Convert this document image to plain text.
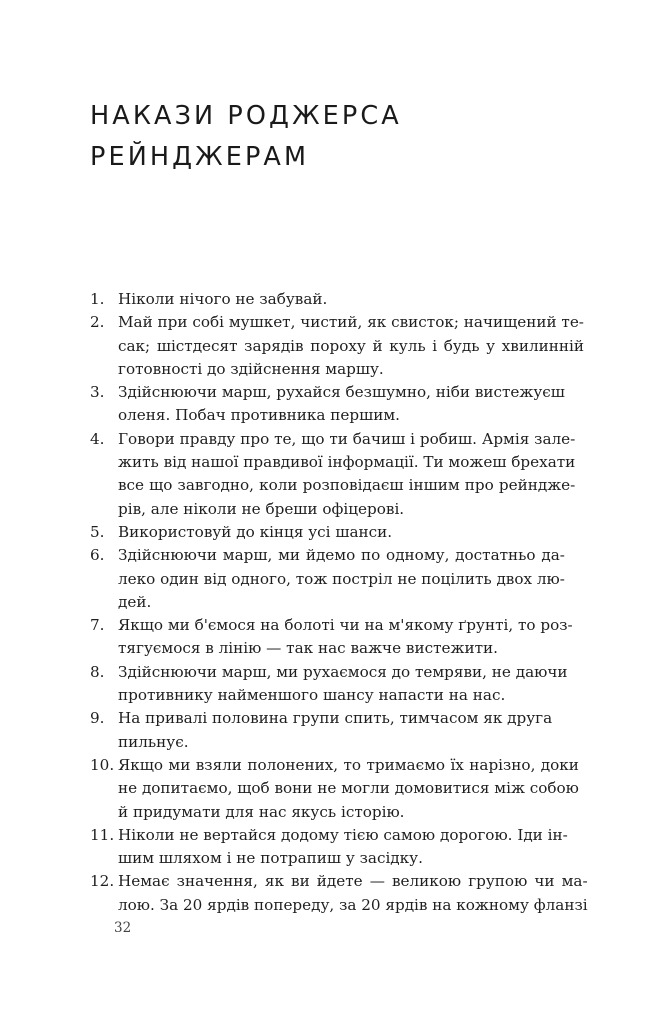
НАКАЗИ РОДЖЕРСА
РЕЙНДЖЕРАМ
1. Ніколи нічого не забувай.
2. Май при собі мушкет, чистий, як свисток; начищений те-
сак; шістдесят зарядів пороху й куль і будь у хвилинній
готовності до здійснення маршу.
3. Здійснюючи марш, рухайся безшумно, ніби вистежуєш
оленя. Побач противника першим.
4. Говори правду про те, що ти бачиш і робиш. Армія зале-
жить від нашої правдивої інформації. Ти можеш брехати
все що завгодно, коли розповідаєш іншим про рейндже-
рів, але ніколи не бреши офіцерові.
5. Використовуй до кінця усі шанси.
6. Здійснюючи марш, ми йдемо по одному, достатньо да-
леко один від одного, тож постріл не поцілить двох лю-
дей.
7. Якщо ми б'ємося на болоті чи на м'якому ґрунті, то роз-
тягуємося в лінію — так нас важче вистежити.
8. Здійснюючи марш, ми рухаємося до темряви, не даючи
противнику найменшого шансу напасти на нас.
9. На привалі половина групи спить, тимчасом як друга
пильнує.
10. Якщо ми взяли полонених, то тримаємо їх нарізно, доки
не допитаємо, щоб вони не могли домовитися між собою
й придумати для нас якусь історію.
11. Ніколи не вертайся додому тією самою дорогою. Іди ін-
шим шляхом і не потрапиш у засідку.
12. Немає значення, як ви йдете — великою групою чи ма-
лою. За 20 ярдів попереду, за 20 ярдів на кожному фланзі
32
